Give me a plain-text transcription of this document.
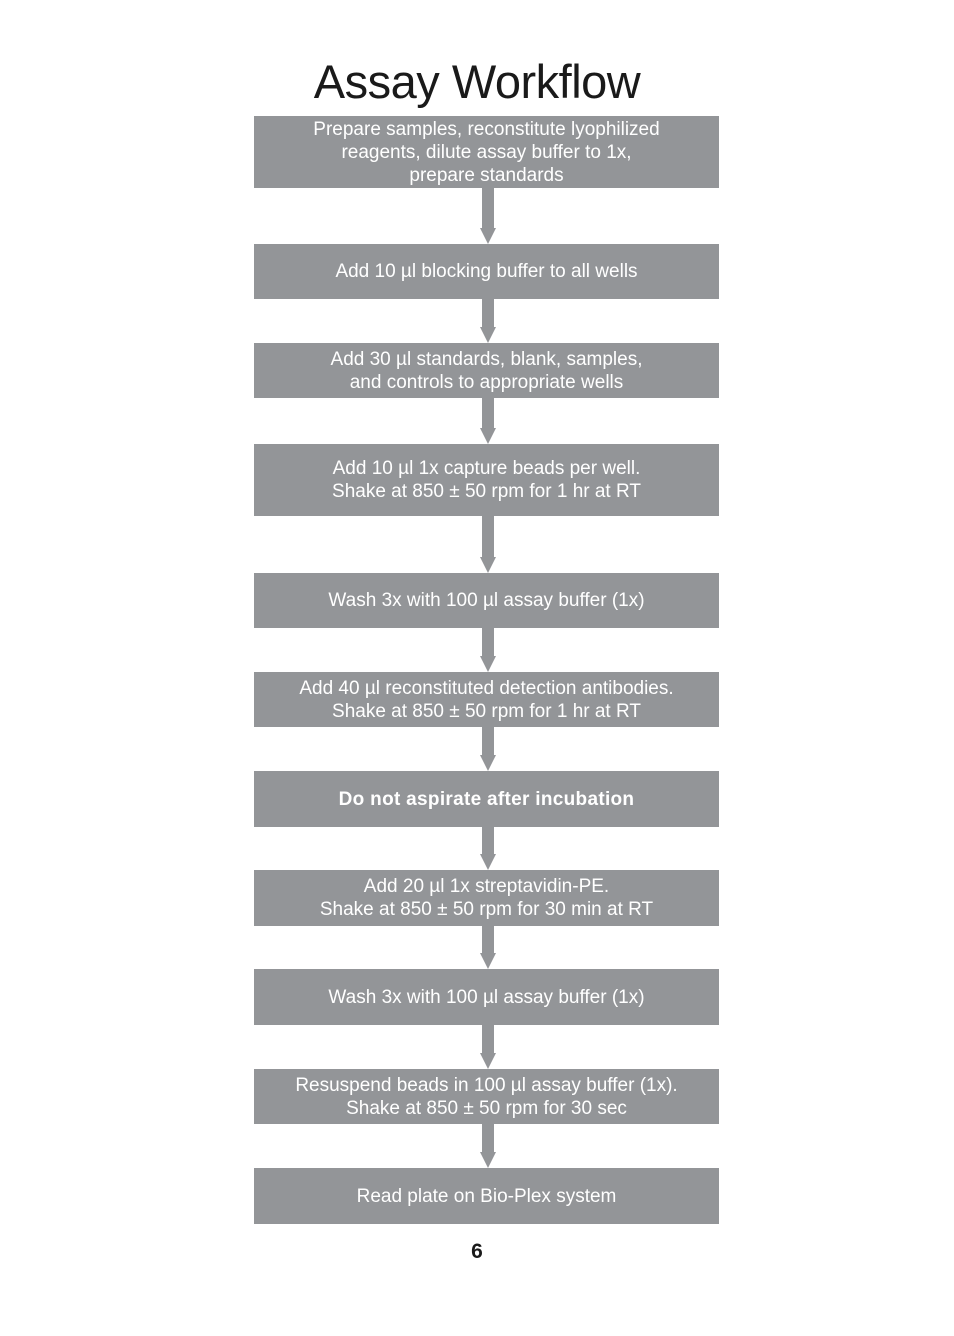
Assay Workflow
Prepare samples, reconstitute lyophilized
reagents, dilute assay buffer to 1x,
prepare standards
Add 10 µl blocking buffer to all wells
Add 30 µl standards, blank, samples,
and controls to appropriate wells
Add 10 µl 1x capture beads per well.
Shake at 850 ± 50 rpm for 1 hr at RT
Wash 3x with 100 µl assay buffer (1x)
Add 40 µl reconstituted detection antibodies.
Shake at 850 ± 50 rpm for 1 hr at RT
Do not aspirate after incubation
Add 20 µl 1x streptavidin-PE.
Shake at 850 ± 50 rpm for 30 min at RT
Wash 3x with 100 µl assay buffer (1x)
Resuspend beads in 100 µl assay buffer (1x).
Shake at 850 ± 50 rpm for 30 sec
Read plate on Bio-Plex system
6
